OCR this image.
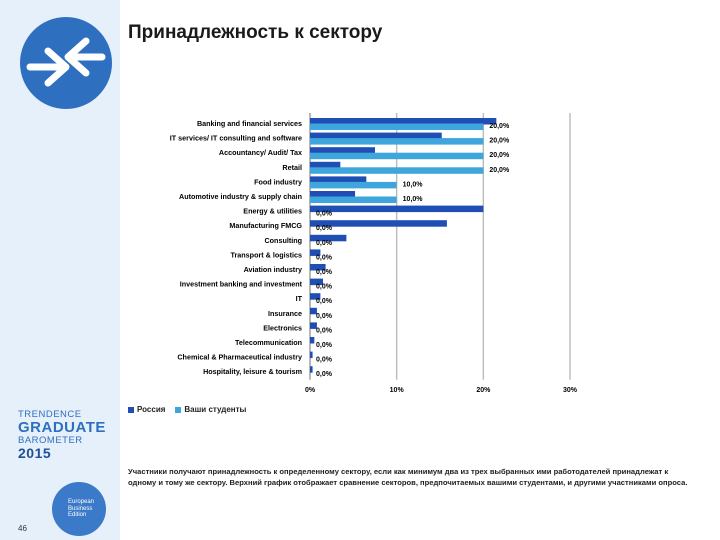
Принадлежность к сектору
0%	10%	20%	30%
Banking and financial services	20,0%
IT services/ IT consulting and software	20,0%
Accountancy/ Audit/ Tax	20,0%
Retail	20,0%
Food industry	10,0%
Automotive industry & supply chain	10,0%
Energy & utilities 0,0%
Manufacturing FMCG 0,0%
Consulting 0,0%
Transport & logistics 0,0%
Aviation industry 0,0%
Investment banking and investment 0,0%
IT 0,0%
Insurance 0,0%
Electronics 0,0%
Telecommunication 0,0%
Chemical & Pharmaceutical industry 0,0%
Hospitality, leisure & tourism 0,0%
Россия Ваши студенты

Участники получают принадлежность к определенному сектору, если как минимум два из трех выбранных ими работодателей принадлежат к одному и тому же сектору. Верхний график отображает сравнение секторов, предпочитаемых вашими студентами, и другими участниками опроса.

TRENDENCE
GRADUATE
BAROMETER
2015
European
Business
Edition
46
